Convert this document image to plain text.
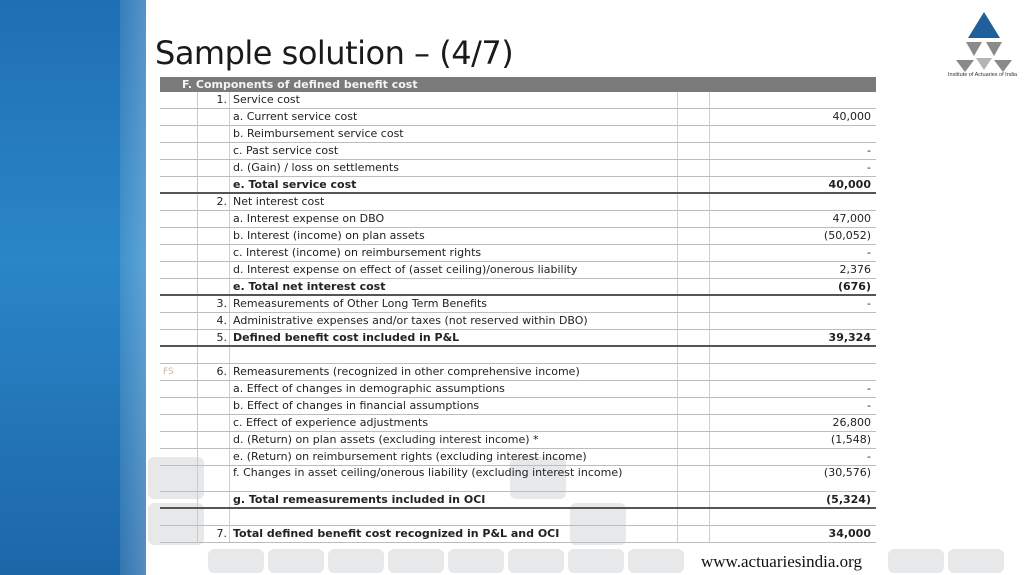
Sample solution – (4/7)
Institute of Actuaries of India
F. Components of defined benefit cost
1. Service cost
a. Current service cost	40,000
b. Reimbursement service cost
c. Past service cost	-
d. (Gain) / loss on settlements	-
e. Total service cost	40,000
2. Net interest cost
a. Interest expense on DBO	47,000
b. Interest (income) on plan assets	(50,052)
c. Interest (income) on reimbursement rights	-
d. Interest expense on effect of (asset ceiling)/onerous liability	2,376
e. Total net interest cost	(676)
3. Remeasurements of Other Long Term Benefits	-
4. Administrative expenses and/or taxes (not reserved within DBO)
5. Defined benefit cost included in P&L	39,324
FS	6. Remeasurements (recognized in other comprehensive income)
a. Effect of changes in demographic assumptions	-
b. Effect of changes in financial assumptions	-
c. Effect of experience adjustments	26,800
d. (Return) on plan assets (excluding interest income) *	(1,548)
e. (Return) on reimbursement rights (excluding interest income)	-
f. Changes in asset ceiling/onerous liability (excluding interest income)	(30,576)
g. Total remeasurements included in OCI	(5,324)
7. Total defined benefit cost recognized in P&L and OCI	34,000
www.actuariesindia.org
